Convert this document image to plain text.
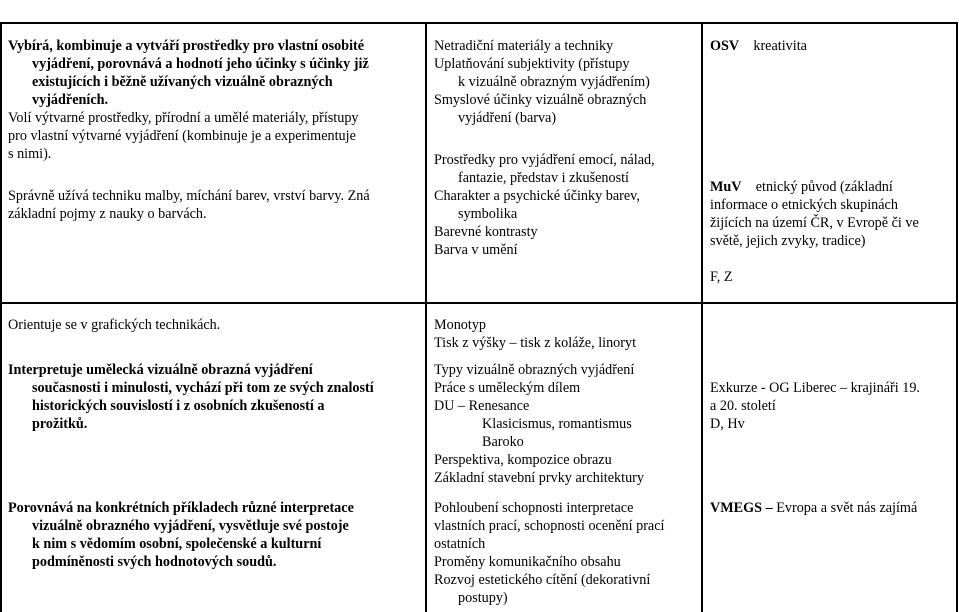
Vybírá, kombinuje a vytváří prostředky pro vlastní osobité

vyjádření, porovnává a hodnotí jeho účinky s účinky již

existujících i běžně užívaných vizuálně obrazných

vyjádřeních.

Volí výtvarné prostředky, přírodní a umělé materiály, přístupy

pro vlastní výtvarné vyjádření (kombinuje je a experimentuje

s nimi).

Správně užívá techniku malby, míchání barev, vrství barvy. Zná

základní pojmy z nauky o barvách.

Netradiční materiály a techniky

Uplatňování subjektivity (přístupy

k vizuálně obrazným vyjádřením)

Smyslové účinky vizuálně obrazných

vyjádření (barva)

Prostředky pro vyjádření emocí, nálad,

fantazie, představ i zkušeností

Charakter a psychické účinky barev,

symbolika

Barevné kontrasty

Barva v umění

OSV kreativita

MuV etnický původ (základní

informace o etnických skupinách

žijících na území ČR, v Evropě či ve

světě, jejich zvyky, tradice)

F, Z

Orientuje se v grafických technikách.	Monotyp

Tisk z výšky – tisk z koláže, linoryt

Interpretuje umělecká vizuálně obrazná vyjádření

současnosti i minulosti, vychází při tom ze svých znalostí

historických souvislostí i z osobních zkušeností a

prožitků.

Typy vizuálně obrazných vyjádření

Práce s uměleckým dílem

DU – Renesance

Klasicismus, romantismus

Baroko

Perspektiva, kompozice obrazu

Základní stavební prvky architektury

Exkurze - OG Liberec – krajináři 19.

a 20. století

D, Hv

Porovnává na konkrétních příkladech různé interpretace

vizuálně obrazného vyjádření, vysvětluje své postoje

k nim s vědomím osobní, společenské a kulturní

podmíněnosti svých hodnotových soudů.

Pohloubení schopnosti interpretace

vlastních prací, schopnosti ocenění prací

ostatních

Proměny komunikačního obsahu

Rozvoj estetického cítění (dekorativní

postupy)

VMEGS – Evropa a svět nás zajímá
